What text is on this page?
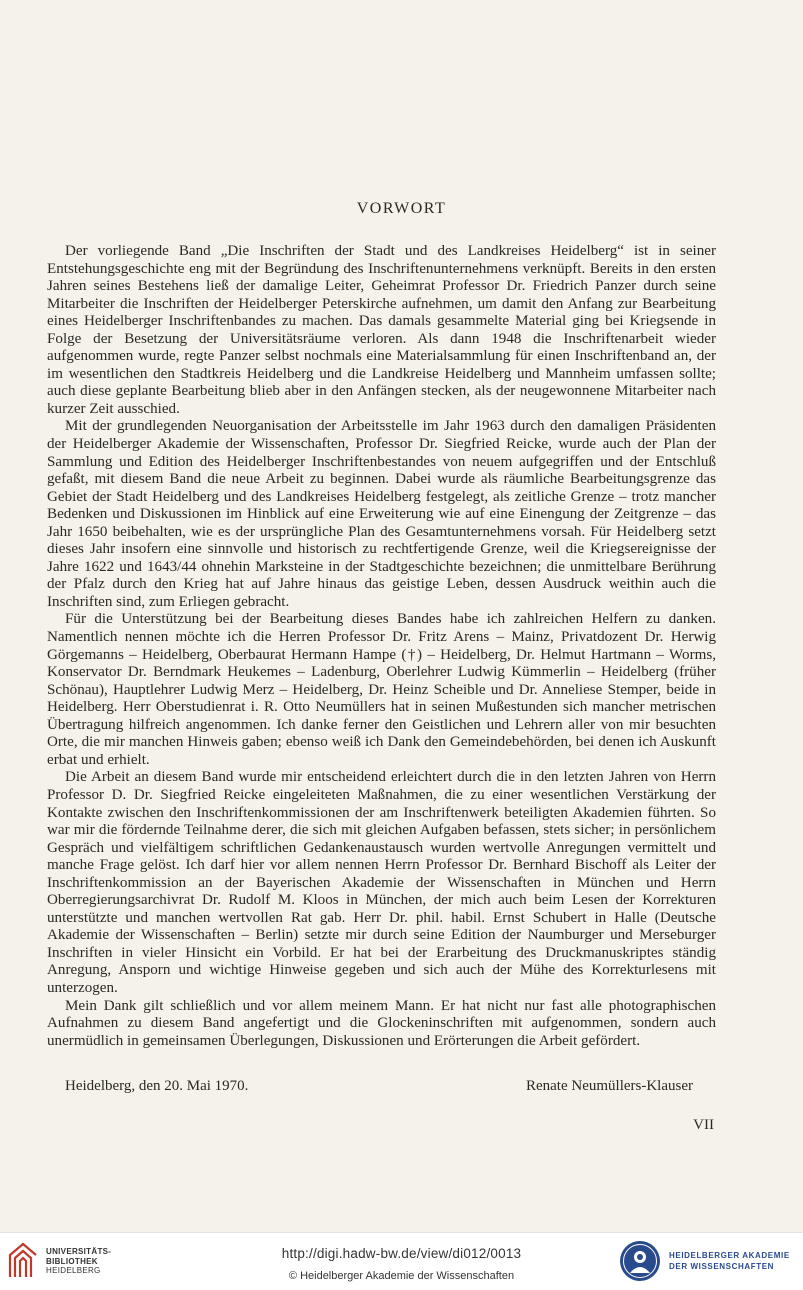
VORWORT

Der vorliegende Band „Die Inschriften der Stadt und des Landkreises Heidelberg“ ist in seiner Entstehungsgeschichte eng mit der Begründung des Inschriftenunternehmens verknüpft. Bereits in den ersten Jahren seines Bestehens ließ der damalige Leiter, Geheimrat Professor Dr. Friedrich Panzer durch seine Mitarbeiter die Inschriften der Heidelberger Peterskirche aufnehmen, um damit den Anfang zur Bearbeitung eines Heidelberger Inschriftenbandes zu machen. Das damals gesammelte Material ging bei Kriegsende in Folge der Besetzung der Universitätsräume verloren. Als dann 1948 die Inschriftenarbeit wieder aufgenommen wurde, regte Panzer selbst nochmals eine Materialsammlung für einen Inschriftenband an, der im wesentlichen den Stadtkreis Heidelberg und die Landkreise Heidelberg und Mannheim umfassen sollte; auch diese geplante Bearbeitung blieb aber in den Anfängen stecken, als der neugewonnene Mitarbeiter nach kurzer Zeit ausschied.

Mit der grundlegenden Neuorganisation der Arbeitsstelle im Jahr 1963 durch den damaligen Präsidenten der Heidelberger Akademie der Wissenschaften, Professor Dr. Siegfried Reicke, wurde auch der Plan der Sammlung und Edition des Heidelberger Inschriftenbestandes von neuem aufgegriffen und der Entschluß gefaßt, mit diesem Band die neue Arbeit zu beginnen. Dabei wurde als räumliche Bearbeitungsgrenze das Gebiet der Stadt Heidelberg und des Landkreises Heidelberg festgelegt, als zeitliche Grenze – trotz mancher Bedenken und Diskussionen im Hinblick auf eine Erweiterung wie auf eine Einengung der Zeitgrenze – das Jahr 1650 beibehalten, wie es der ursprüngliche Plan des Gesamtunternehmens vorsah. Für Heidelberg setzt dieses Jahr insofern eine sinnvolle und historisch zu rechtfertigende Grenze, weil die Kriegsereignisse der Jahre 1622 und 1643/44 ohnehin Marksteine in der Stadtgeschichte bezeichnen; die unmittelbare Berührung der Pfalz durch den Krieg hat auf Jahre hinaus das geistige Leben, dessen Ausdruck weithin auch die Inschriften sind, zum Erliegen gebracht.

Für die Unterstützung bei der Bearbeitung dieses Bandes habe ich zahlreichen Helfern zu danken. Namentlich nennen möchte ich die Herren Professor Dr. Fritz Arens – Mainz, Privatdozent Dr. Herwig Görgemanns – Heidelberg, Oberbaurat Hermann Hampe (†) – Heidelberg, Dr. Helmut Hartmann – Worms, Konservator Dr. Berndmark Heukemes – Ladenburg, Oberlehrer Ludwig Kümmerlin – Heidelberg (früher Schönau), Hauptlehrer Ludwig Merz – Heidelberg, Dr. Heinz Scheible und Dr. Anneliese Stemper, beide in Heidelberg. Herr Oberstudienrat i. R. Otto Neumüllers hat in seinen Mußestunden sich mancher metrischen Übertragung hilfreich angenommen. Ich danke ferner den Geistlichen und Lehrern aller von mir besuchten Orte, die mir manchen Hinweis gaben; ebenso weiß ich Dank den Gemeindebehörden, bei denen ich Auskunft erbat und erhielt.

Die Arbeit an diesem Band wurde mir entscheidend erleichtert durch die in den letzten Jahren von Herrn Professor D. Dr. Siegfried Reicke eingeleiteten Maßnahmen, die zu einer wesentlichen Verstärkung der Kontakte zwischen den Inschriftenkommissionen der am Inschriftenwerk beteiligten Akademien führten. So war mir die fördernde Teilnahme derer, die sich mit gleichen Aufgaben befassen, stets sicher; in persönlichem Gespräch und vielfältigem schriftlichen Gedankenaustausch wurden wertvolle Anregungen vermittelt und manche Frage gelöst. Ich darf hier vor allem nennen Herrn Professor Dr. Bernhard Bischoff als Leiter der Inschriftenkommission an der Bayerischen Akademie der Wissenschaften in München und Herrn Oberregierungsarchivrat Dr. Rudolf M. Kloos in München, der mich auch beim Lesen der Korrekturen unterstützte und manchen wertvollen Rat gab. Herr Dr. phil. habil. Ernst Schubert in Halle (Deutsche Akademie der Wissenschaften – Berlin) setzte mir durch seine Edition der Naumburger und Merseburger Inschriften in vieler Hinsicht ein Vorbild. Er hat bei der Erarbeitung des Druckmanuskriptes ständig Anregung, Ansporn und wichtige Hinweise gegeben und sich auch der Mühe des Korrekturlesens mit unterzogen.

Mein Dank gilt schließlich und vor allem meinem Mann. Er hat nicht nur fast alle photographischen Aufnahmen zu diesem Band angefertigt und die Glockeninschriften mit aufgenommen, sondern auch unermüdlich in gemeinsamen Überlegungen, Diskussionen und Erörterungen die Arbeit gefördert.

Heidelberg, den 20. Mai 1970.	Renate Neumüllers-Klauser
VII
UNIVERSITÄTS-
BIBLIOTHEK
HEIDELBERG
http://digi.hadw-bw.de/view/di012/0013
© Heidelberger Akademie der Wissenschaften
HEIDELBERGER AKADEMIE
DER WISSENSCHAFTEN
